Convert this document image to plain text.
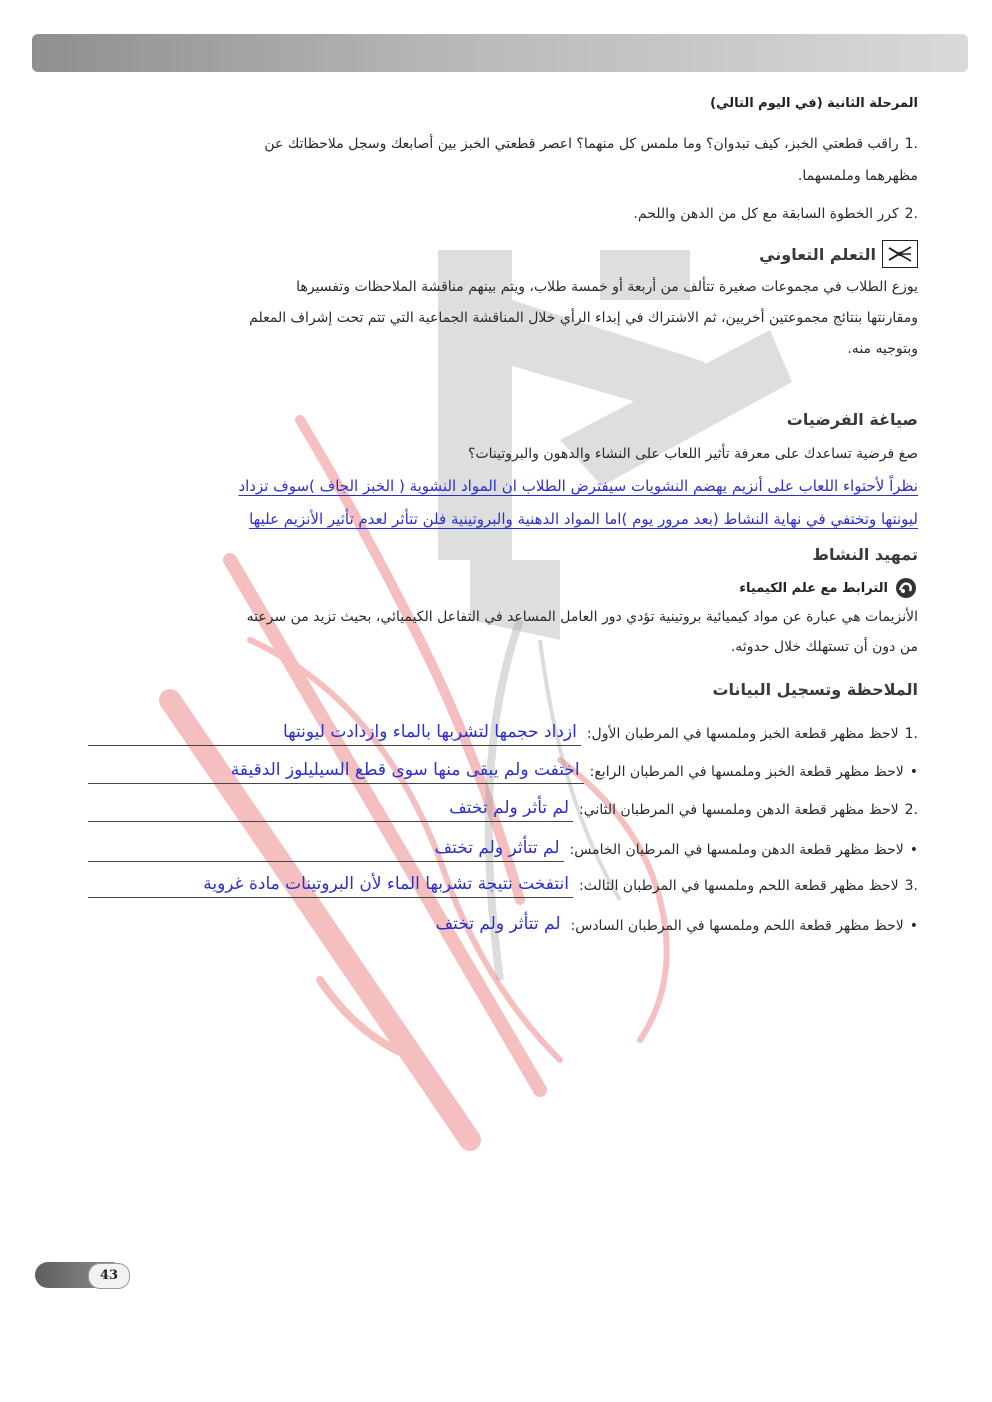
المرحلة الثانية (في اليوم التالي)
1.راقب قطعتي الخبز، كيف تبدوان؟ وما ملمس كل منهما؟ اعصر قطعتي الخبز بين أصابعك وسجل ملاحظاتك عن
مظهرهما وملمسهما.
2.كرر الخطوة السابقة مع كل من الدهن واللحم.
التعلم التعاوني
يوزع الطلاب في مجموعات صغيرة تتألف من أربعة أو خمسة طلاب، ويتم بينهم مناقشة الملاحظات وتفسيرها
ومقارنتها بنتائج مجموعتين أخريين، ثم الاشتراك في إبداء الرأي خلال المناقشة الجماعية التي تتم تحت إشراف المعلم
وبتوجيه منه.
صياغة الفرضيات
صغ فرضية تساعدك على معرفة تأثير اللعاب على النشاء والدهون والبروتينات؟
نظراً لأحتواء اللعاب على أنزيم يهضم النشويات سيفترض الطلاب ان المواد النشوية ( الخبز الجاف )سوف تزداد
ليونتها وتختفي في نهاية النشاط (بعد مرور يوم )اما المواد الدهنية والبروتينية فلن تتأثر لعدم تأثير الأنزيم عليها
تمهيد النشاط
الترابط مع علم الكيمياء
الأنزيمات هي عبارة عن مواد كيميائية بروتينية تؤدي دور العامل المساعد في التفاعل الكيميائي، بحيث تزيد من سرعته
من دون أن تستهلك خلال حدوثه.
الملاحظة وتسجيل البيانات
1.لاحظ مظهر قطعة الخبز وملمسها في المرطبان الأول:
ازداد حجمها لتشربها بالماء وازدادت ليونتها
•لاحظ مظهر قطعة الخبز وملمسها في المرطبان الرابع:
اختفت ولم يبقى منها سوى قطع السيليلوز الدقيقة
2.لاحظ مظهر قطعة الدهن وملمسها في المرطبان الثاني:
لم تأثر ولم تختف
•لاحظ مظهر قطعة الدهن وملمسها في المرطبان الخامس:
لم تتأثر ولم تختف
3.لاحظ مظهر قطعة اللحم وملمسها في المرطبان الثالث:
انتفخت نتيجة تشربها الماء لأن البروتينات مادة غروية
•لاحظ مظهر قطعة اللحم وملمسها في المرطبان السادس:
لم تتأثر ولم تختف
43
